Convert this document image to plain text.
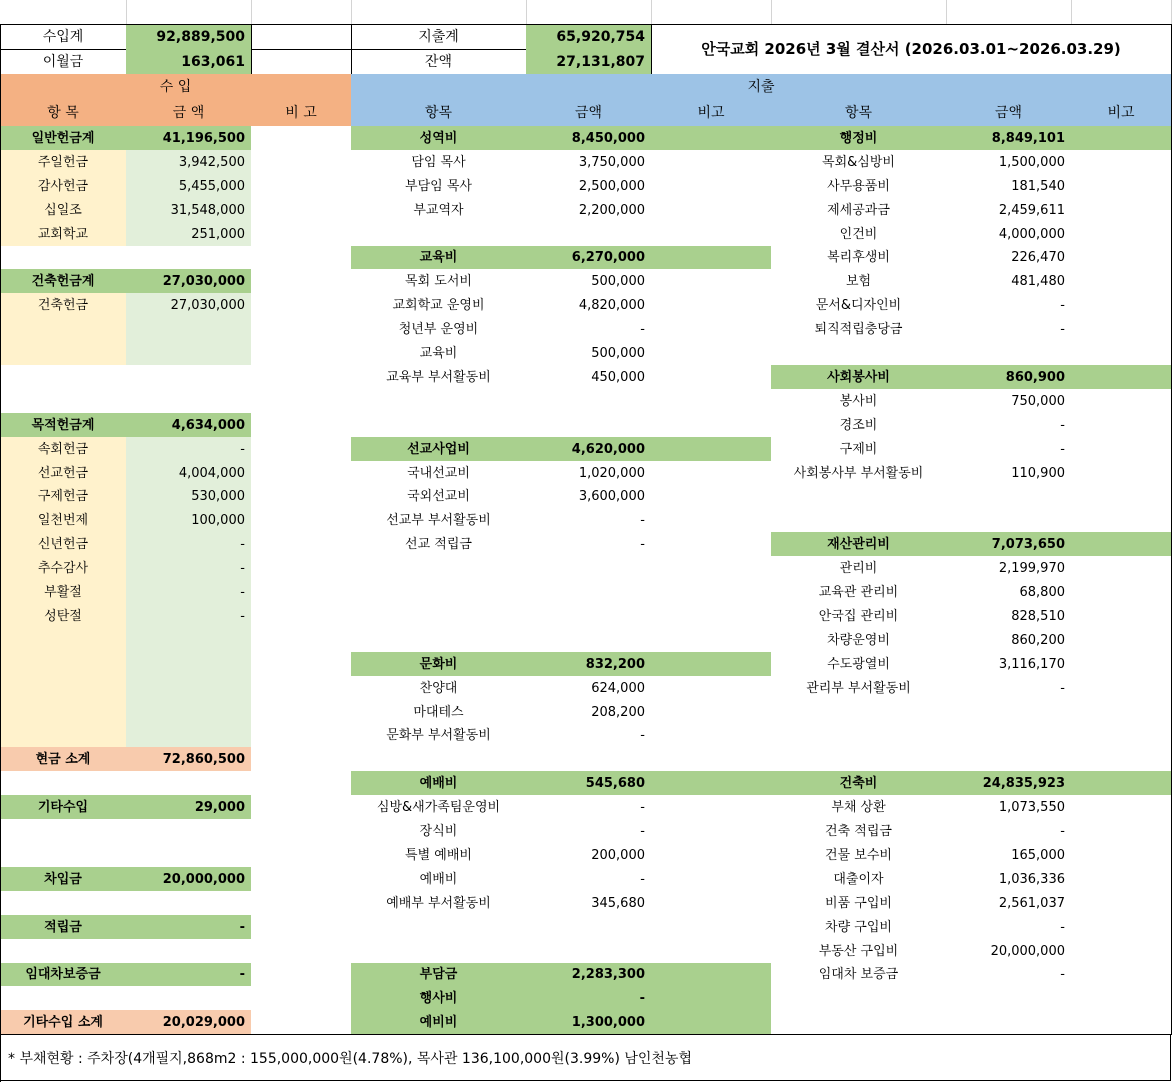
수입계	92,889,500
이월금	163,061
지출계	65,920,754
잔액	27,131,807
안국교회 2026년 3월 결산서 (2026.03.01~2026.03.29)
수 입	지출
항 목	금 액	비 고	항목	금액	비고	항목	금액	비고
일반헌금계	41,196,500
주일헌금	3,942,500
감사헌금	5,455,000
십일조	31,548,000
교회학교	251,000
건축헌금계	27,030,000
건축헌금	27,030,000
목적헌금계	4,634,000
속회헌금	-
선교헌금	4,004,000
구제헌금	530,000
일천번제	100,000
신년헌금	-
추수감사	-
부활절	-
성탄절	-
현금 소계	72,860,500
기타수입	29,000
차입금	20,000,000
적립금	-
임대차보증금	-
기타수입 소계	20,029,000
성역비	8,450,000
담임 목사	3,750,000
부담임 목사	2,500,000
부교역자	2,200,000
교육비	6,270,000
목회 도서비	500,000
교회학교 운영비	4,820,000
청년부 운영비	-
교육비	500,000
교육부 부서활동비	450,000
선교사업비	4,620,000
국내선교비	1,020,000
국외선교비	3,600,000
선교부 부서활동비	-
선교 적립금	-
문화비	832,200
찬양대	624,000
마대테스	208,200
문화부 부서활동비	-
예배비	545,680
심방&새가족팀운영비	-
장식비	-
특별 예배비	200,000
예배비	-
예배부 부서활동비	345,680
부담금	2,283,300
행사비	-
예비비	1,300,000
행정비	8,849,101
목회&심방비	1,500,000
사무용품비	181,540
제세공과금	2,459,611
인건비	4,000,000
복리후생비	226,470
보험	481,480
문서&디자인비	-
퇴직적립충당금	-
사회봉사비	860,900
봉사비	750,000
경조비	-
구제비	-
사회봉사부 부서활동비	110,900
재산관리비	7,073,650
관리비	2,199,970
교육관 관리비	68,800
안국집 관리비	828,510
차량운영비	860,200
수도광열비	3,116,170
관리부 부서활동비	-
건축비	24,835,923
부채 상환	1,073,550
건축 적립금	-
건물 보수비	165,000
대출이자	1,036,336
비품 구입비	2,561,037
차량 구입비	-
부동산 구입비	20,000,000
임대차 보증금	-
* 부채현황 : 주차장(4개필지,868m2 : 155,000,000원(4.78%), 목사관 136,100,000원(3.99%) 남인천농협
